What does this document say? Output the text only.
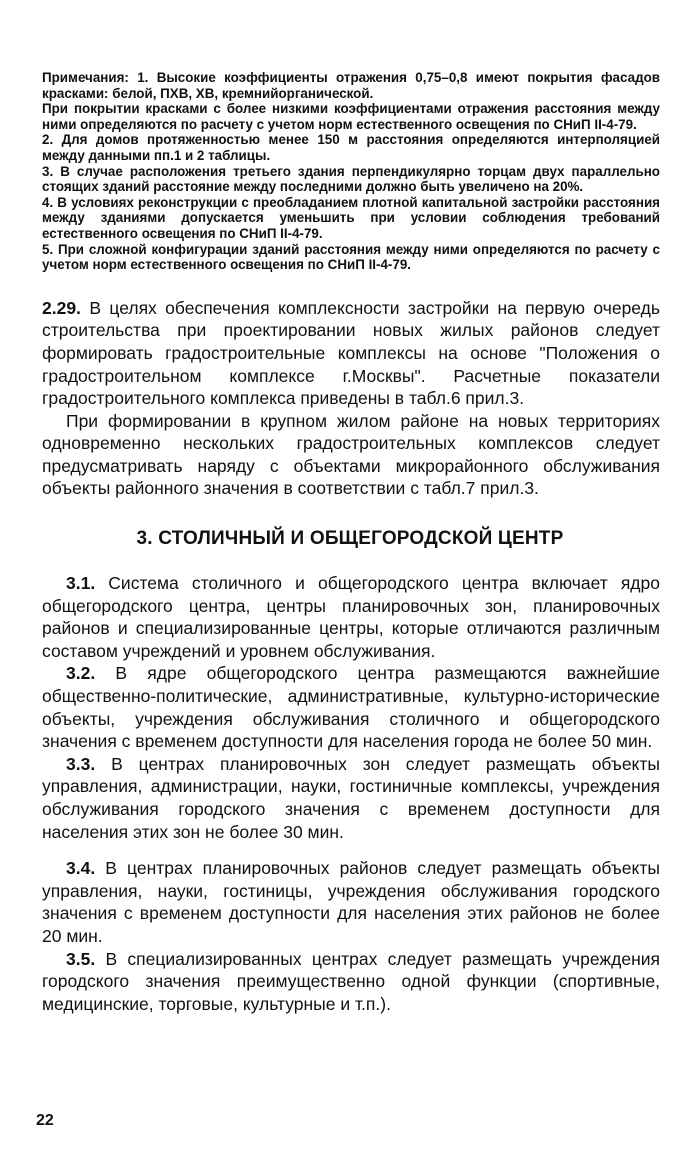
Примечания: 1. Высокие коэффициенты отражения 0,75–0,8 имеют покрытия фасадов красками: белой, ПХВ, ХВ, кремнийорганической.

При покрытии красками с более низкими коэффициентами отражения расстояния между ними определяются по расчету с учетом норм естественного освещения по СНиП II-4-79.

2. Для домов протяженностью менее 150 м расстояния определяются интерполяцией между данными пп.1 и 2 таблицы.

3. В случае расположения третьего здания перпендикулярно торцам двух параллельно стоящих зданий расстояние между последними должно быть увеличено на 20%.

4. В условиях реконструкции с преобладанием плотной капитальной застройки расстояния между зданиями допускается уменьшить при условии соблюдения требований естественного освещения по СНиП II-4-79.

5. При сложной конфигурации зданий расстояния между ними определяются по расчету с учетом норм естественного освещения по СНиП II-4-79.

2.29. В целях обеспечения комплексности застройки на первую очередь строительства при проектировании новых жилых районов следует формировать градостроительные комплексы на основе "Положения о градостроительном комплексе г.Москвы". Расчетные показатели градостроительного комплекса приведены в табл.6 прил.3.

При формировании в крупном жилом районе на новых территориях одновременно нескольких градостроительных комплексов следует предусматривать наряду с объектами микрорайонного обслуживания объекты районного значения в соответствии с табл.7 прил.3.

3. СТОЛИЧНЫЙ И ОБЩЕГОРОДСКОЙ ЦЕНТР

3.1. Система столичного и общегородского центра включает ядро общегородского центра, центры планировочных зон, планировочных районов и специализированные центры, которые отличаются различным составом учреждений и уровнем обслуживания.

3.2. В ядре общегородского центра размещаются важнейшие общественно-политические, административные, культурно-исторические объекты, учреждения обслуживания столичного и общегородского значения с временем доступности для населения города не более 50 мин.

3.3. В центрах планировочных зон следует размещать объекты управления, администрации, науки, гостиничные комплексы, учреждения обслуживания городского значения с временем доступности для населения этих зон не более 30 мин.

3.4. В центрах планировочных районов следует размещать объекты управления, науки, гостиницы, учреждения обслуживания городского значения с временем доступности для населения этих районов не более 20 мин.

3.5. В специализированных центрах следует размещать учреждения городского значения преимущественно одной функции (спортивные, медицинские, торговые, культурные и т.п.).

22
